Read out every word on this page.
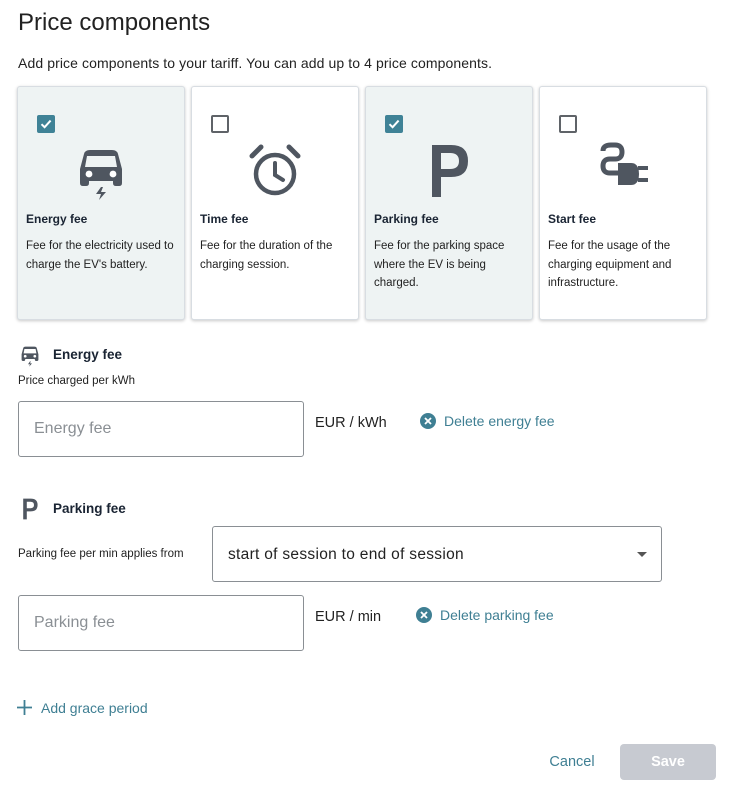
Price components
Add price components to your tariff. You can add up to 4 price components.
Energy fee
Fee for the electricity used to charge the EV's battery.
Time fee
Fee for the duration of the charging session.
Parking fee
Fee for the parking space where the EV is being charged.
Start fee
Fee for the usage of the charging equipment and infrastructure.
Energy fee
Price charged per kWh
Energy fee
EUR / kWh	Delete energy fee
Parking fee
Parking fee per min applies from	start of session to end of session
Parking fee
EUR / min	Delete parking fee
Add grace period
Cancel	Save
